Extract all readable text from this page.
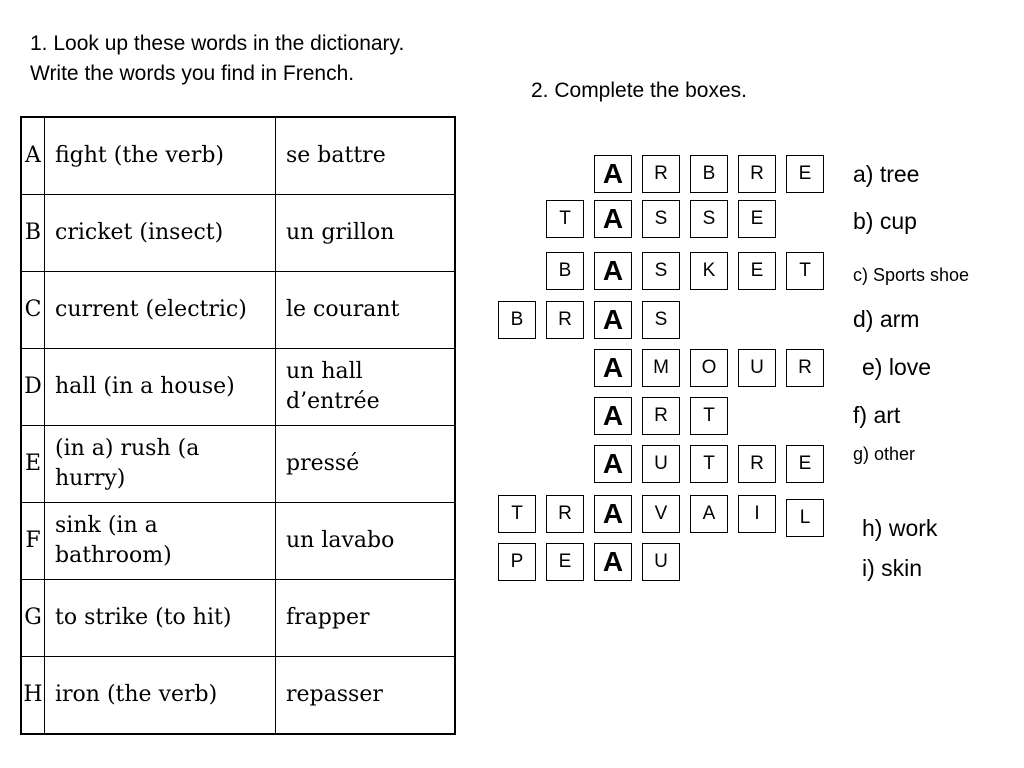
1. Look up these words in the dictionary.
Write the words you find in French.
2. Complete the boxes.
A	fight (the verb)	se battre
B	cricket (insect)	un grillon
C	current (electric)	le courant
D	hall (in a house)	un hall d’entrée
E	(in a) rush (a hurry)	pressé
F	sink (in a bathroom)	un lavabo
G	to strike (to hit)	frapper
H	iron (the verb)	repasser
A	R	B	R	E	a) tree
T	A	S	S	E	b) cup
B	A	S	K	E	T	c) Sports shoe
B	R	A	S	d) arm
A	M	O	U	R	e) love
A	R	T	f) art
A	U	T	R	E	g) other
T	R	A	V	A	I	L	h) work
P	E	A	U	i) skin
